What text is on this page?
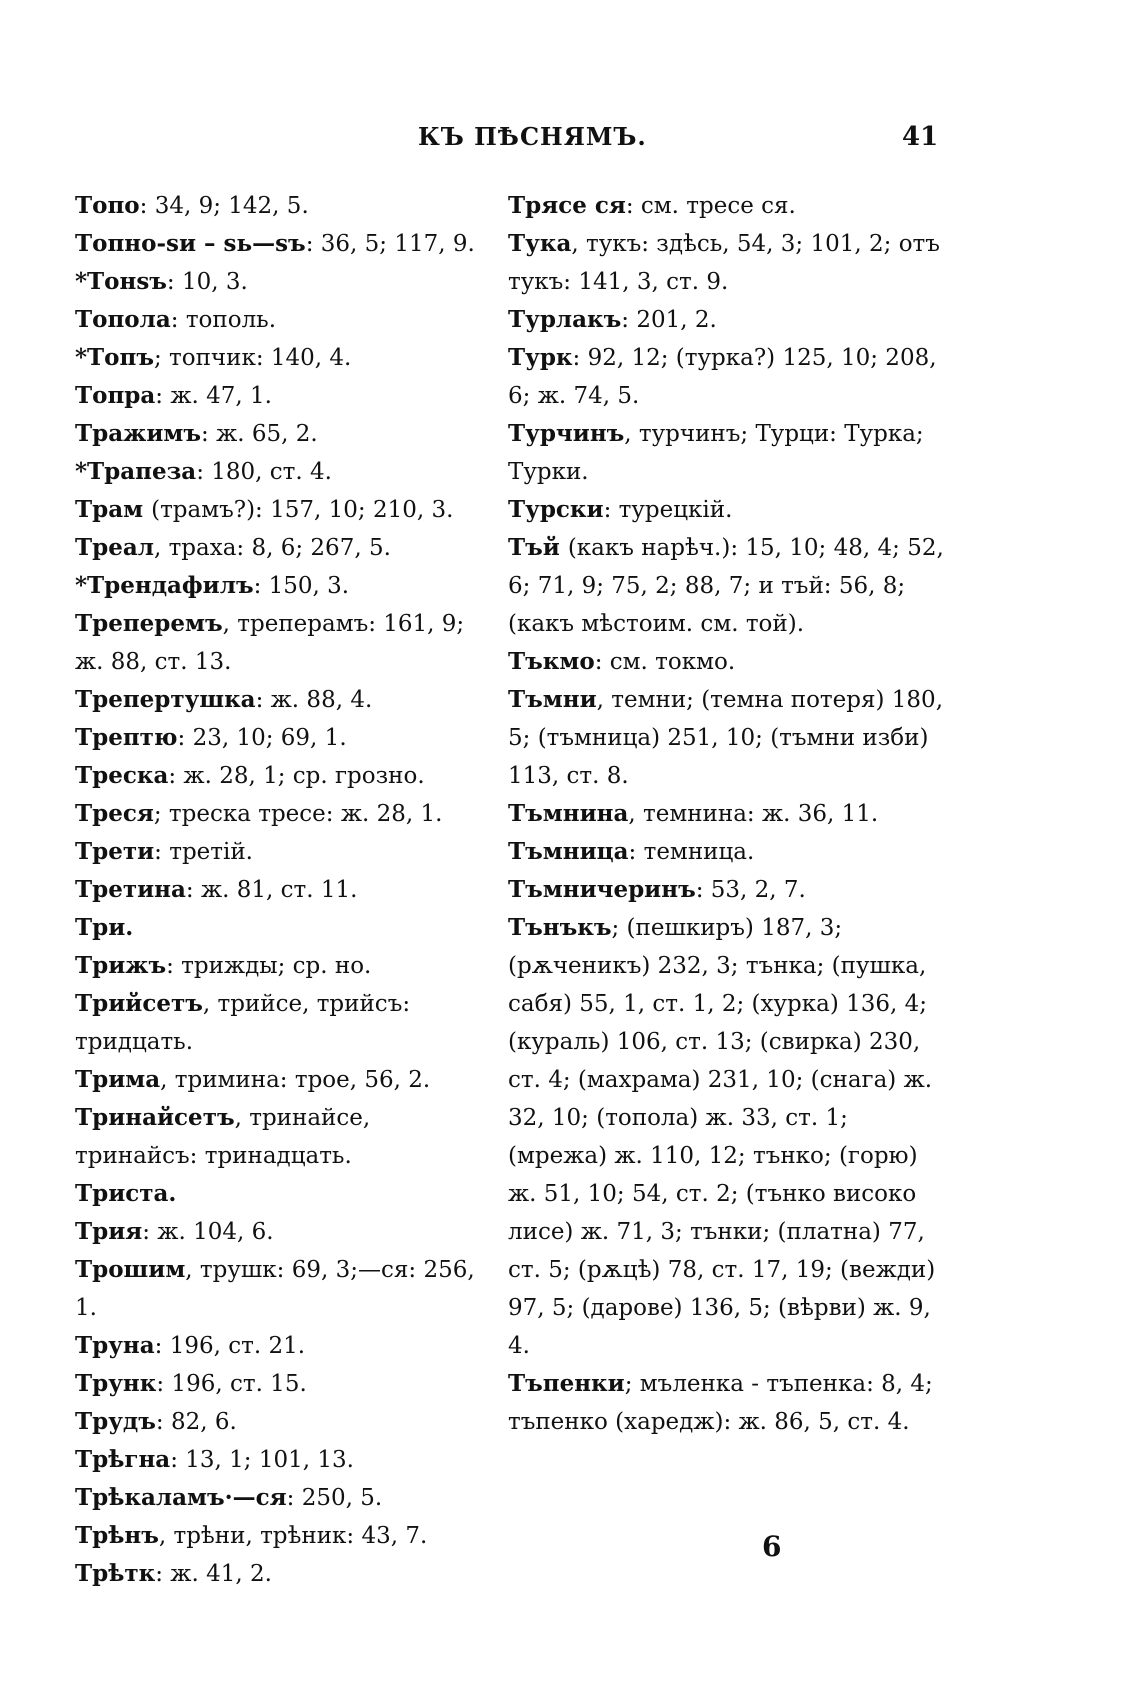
КЪ ПѢСНЯМЪ.	41

Топо: 34, 9; 142, 5.

Топно-ѕи – ѕь—ѕъ: 36, 5; 117, 9.

*Тонѕъ: 10, 3.

Топола: тополь.

*Топъ; топчик: 140, 4.

Топра: ж. 47, 1.

Тражимъ: ж. 65, 2.

*Трапеза: 180, ст. 4.

Трам (трамъ?): 157, 10; 210, 3.

Треал, траха: 8, 6; 267, 5.

*Трендафилъ: 150, 3.

Треперемъ, треперамъ: 161, 9; ж. 88, ст. 13.

Трепертушка: ж. 88, 4.

Трептю: 23, 10; 69, 1.

Треска: ж. 28, 1; ср. грозно.

Треся; треска тресе: ж. 28, 1.

Трети: третій.

Третина: ж. 81, ст. 11.

Три.

Трижъ: трижды; ср. но.

Трийсетъ, трийсе, трийсъ: тридцать.

Трима, тримина: трое, 56, 2.

Тринайсетъ, тринайсе, тринайсъ: тринадцать.

Триста.

Трия: ж. 104, 6.

Трошим, трушк: 69, 3;—ся: 256, 1.

Труна: 196, ст. 21.

Трунк: 196, ст. 15.

Трудъ: 82, 6.

Трѣгна: 13, 1; 101, 13.

Трѣкаламъ·—ся: 250, 5.

Трѣнъ, трѣни, трѣник: 43, 7.

Трѣтк: ж. 41, 2.

Трясе ся: см. тресе ся.

Тука, тукъ: здѣсь, 54, 3; 101, 2; отъ тукъ: 141, 3, ст. 9.

Турлакъ: 201, 2.

Турк: 92, 12; (турка?) 125, 10; 208, 6; ж. 74, 5.

Турчинъ, турчинъ; Турци: Турка; Турки.

Турски: турецкій.

Тъй (какъ нарѣч.): 15, 10; 48, 4; 52, 6; 71, 9; 75, 2; 88, 7; и тъй: 56, 8; (какъ мѣстоим. см. той).

Тъкмо: см. токмо.

Тъмни, темни; (темна потеря) 180, 5; (тъмница) 251, 10; (тъмни изби) 113, ст. 8.

Тъмнина, темнина: ж. 36, 11.

Тъмница: темница.

Тъмничеринъ: 53, 2, 7.

Тънъкъ; (пешкиръ) 187, 3; (рѫченикъ) 232, 3; тънка; (пушка, сабя) 55, 1, ст. 1, 2; (хурка) 136, 4; (кураль) 106, ст. 13; (свирка) 230, ст. 4; (махрама) 231, 10; (снага) ж. 32, 10; (топола) ж. 33, ст. 1; (мрежа) ж. 110, 12; тънко; (горю) ж. 51, 10; 54, ст. 2; (тънко високо лисе) ж. 71, 3; тънки; (платна) 77, ст. 5; (рѫцѣ) 78, ст. 17, 19; (вежди) 97, 5; (дарове) 136, 5; (вѣрви) ж. 9, 4.

Тъпенки; мъленка - тъпенка: 8, 4; тъпенко (харедж): ж. 86, 5, ст. 4.

6
